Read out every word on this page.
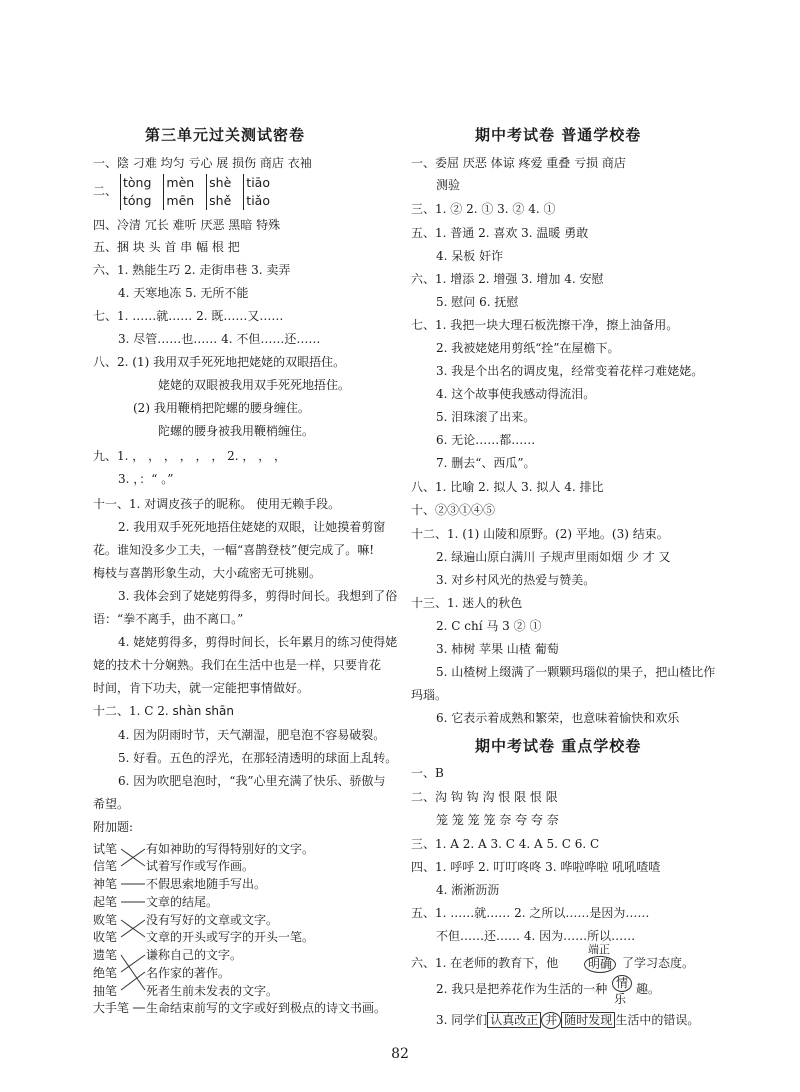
第三单元过关测试密卷
一、陰 刁难 均匀 亏心 展 损伤 商店 衣袖
二、
tòng
tóng mèn
mēn shè
shě tiāo
tiǎo
四、冷清 冗长 难听 厌恶 黑暗 特殊
五、捆 块 头 首 串 幅 根 把
六、1. 熟能生巧 2. 走街串巷 3. 卖弄
4. 天寒地冻 5. 无所不能
七、1. ……就…… 2. 既……又……
3. 尽管……也…… 4. 不但……还……
八、2. (1) 我用双手死死地把姥姥的双眼捂住。
姥姥的双眼被我用双手死死地捂住。
(2) 我用鞭梢把陀螺的腰身缠住。
陀螺的腰身被我用鞭梢缠住。
九、1. ， ， ， ， ， ， 2. ， ， ，
3. ，：“ 。”
十一、1. 对调皮孩子的昵称。 使用无赖手段。
2. 我用双手死死地捂住姥姥的双眼，让她摸着剪窗
花。谁知没多少工夫，一幅“喜鹊登枝”便完成了。嘛!
梅枝与喜鹊形象生动，大小疏密无可挑剔。
3. 我体会到了姥姥剪得多，剪得时间长。我想到了俗
语：“拳不离手，曲不离口。”
4. 姥姥剪得多，剪得时间长，长年累月的练习使得姥
姥的技术十分娴熟。我们在生活中也是一样，只要肯花
时间，肯下功夫，就一定能把事情做好。
十二、1. C 2. shàn shān
4. 因为阴雨时节，天气潮湿，肥皂泡不容易破裂。
5. 好看。五色的浮光，在那轻清透明的球面上乱转。
6. 因为吹肥皂泡时，“我”心里充满了快乐、骄傲与
希望。
附加题:
试笔 有如神助的写得特别好的文字。
信笔 试着写作或写作画。
神笔 不假思索地随手写出。
起笔 文章的结尾。
败笔 没有写好的文章或文字。
收笔 文章的开头或写字的开头一笔。
遗笔 谦称自己的文字。
绝笔 名作家的著作。
抽笔 死者生前未发表的文字。
大手笔 生命结束前写的文字或好到极点的诗文书画。
期中考试卷 普通学校卷
一、委屈 厌恶 体谅 疼爱 重叠 亏损 商店
测验
三、1. ② 2. ① 3. ② 4. ①
五、1. 普通 2. 喜欢 3. 温暖 勇敢
4. 呆板 奸诈
六、1. 增添 2. 增强 3. 增加 4. 安慰
5. 慰问 6. 抚慰
七、1. 我把一块大理石板洗擦干净，擦上油备用。
2. 我被姥姥用剪纸“拴”在屋檐下。
3. 我是个出名的调皮鬼，经常变着花样刁难姥姥。
4. 这个故事使我感动得流泪。
5. 泪珠滚了出来。
6. 无论……都……
7. 删去“、西瓜”。
八、1. 比喻 2. 拟人 3. 拟人 4. 排比
十、②③①④⑤
十二、1. (1) 山陵和原野。(2) 平地。(3) 结束。
2. 绿遍山原白满川 子规声里雨如烟 少 才 又
3. 对乡村风光的热爱与赞美。
十三、1. 迷人的秋色
2. C chí 马 3 ② ①
3. 柿树 苹果 山楂 葡萄
5. 山楂树上缀满了一颗颗玛瑙似的果子，把山楂比作
玛瑙。
6. 它表示着成熟和繁荣，也意味着愉快和欢乐
期中考试卷 重点学校卷
一、B
二、沟 钩 钩 沟 恨 限 恨 限
笼 笼 笼 笼 奈 夸 夸 奈
三、1. A 2. A 3. C 4. A 5. C 6. C
四、1. 呼呼 2. 叮叮咚咚 3. 哗啦哗啦 吼吼喳喳
4. 淅淅沥沥
五、1. ……就…… 2. 之所以……是因为……
不但……还…… 4. 因为……所以……
六、1. 在老师的教育下，他
端正
明确 了学习态度。
2. 我只是把养花作为生活的一种 情
乐
趣。
3. 同学们 认真改正 并 随时发现 生活中的错误。
82
